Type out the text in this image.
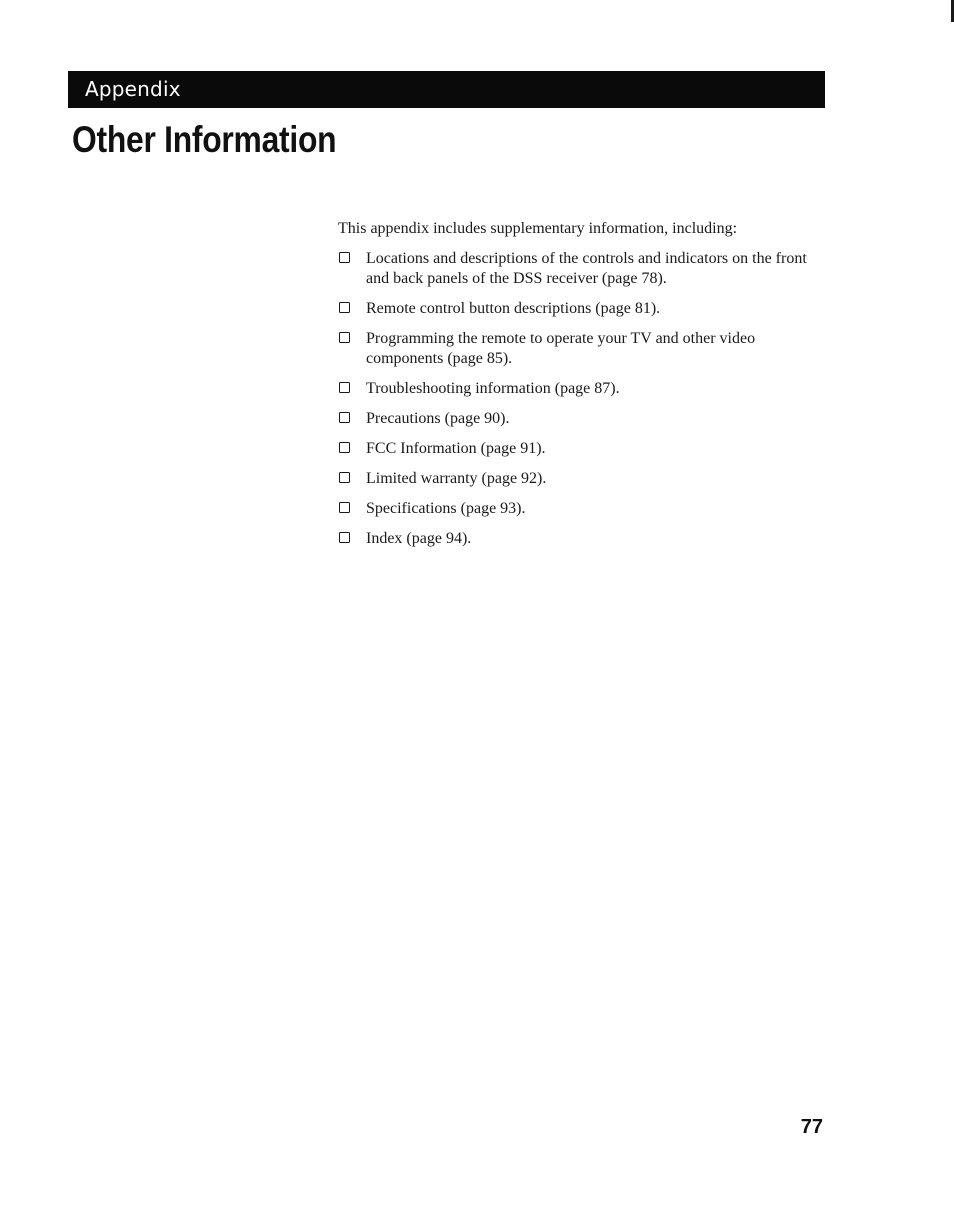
Appendix
Other Information

This appendix includes supplementary information, including:

Locations and descriptions of the controls and indicators on the front and back panels of the DSS receiver (page 78).
Remote control button descriptions (page 81).
Programming the remote to operate your TV and other video components (page 85).
Troubleshooting information (page 87).
Precautions (page 90).
FCC Information (page 91).
Limited warranty (page 92).
Specifications (page 93).
Index (page 94).
77
